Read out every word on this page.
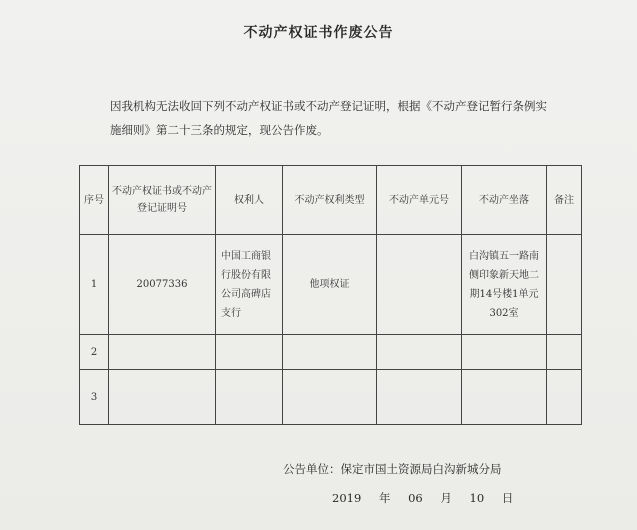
不动产权证书作废公告
因我机构无法收回下列不动产权证书或不动产登记证明，根据《不动产登记暂行条例实
施细则》第二十三条的规定，现公告作废。
序号	不动产权证书或不动产登记证明号	权利人	不动产权利类型	不动产单元号	不动产坐落	备注
1	20077336	中国工商银行股份有限公司高碑店支行	他项权证		白沟镇五一路南侧印象新天地二期14号楼1单元302室	
2						
3						
公告单位：保定市国土资源局白沟新城分局
2019 年 06 月 10 日
